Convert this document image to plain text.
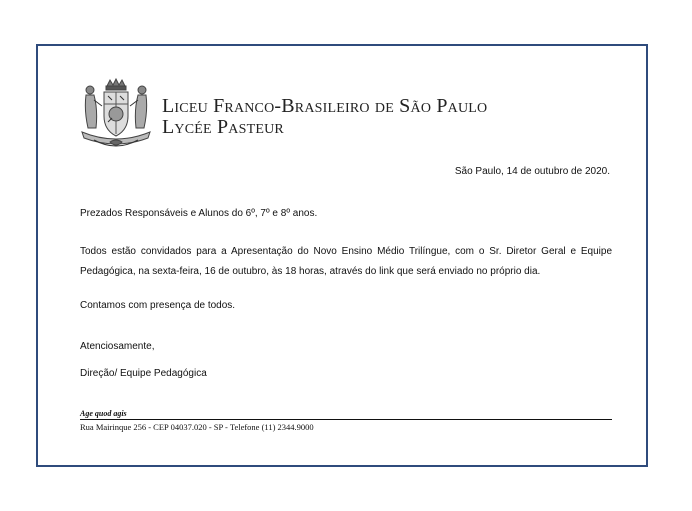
Liceu Franco-Brasileiro de São Paulo
Lycée Pasteur
São Paulo, 14 de outubro de 2020.
Prezados Responsáveis e Alunos do 6º, 7º e 8º anos.
Todos estão convidados para a Apresentação do Novo Ensino Médio Trilíngue, com o Sr. Diretor Geral e Equipe Pedagógica, na sexta-feira, 16 de outubro, às 18 horas, através do link que será enviado no próprio dia.
Contamos com presença de todos.
Atenciosamente,
Direção/ Equipe Pedagógica
Age quod agis
Rua Mairinque 256 - CEP 04037.020 - SP - Telefone (11) 2344.9000
